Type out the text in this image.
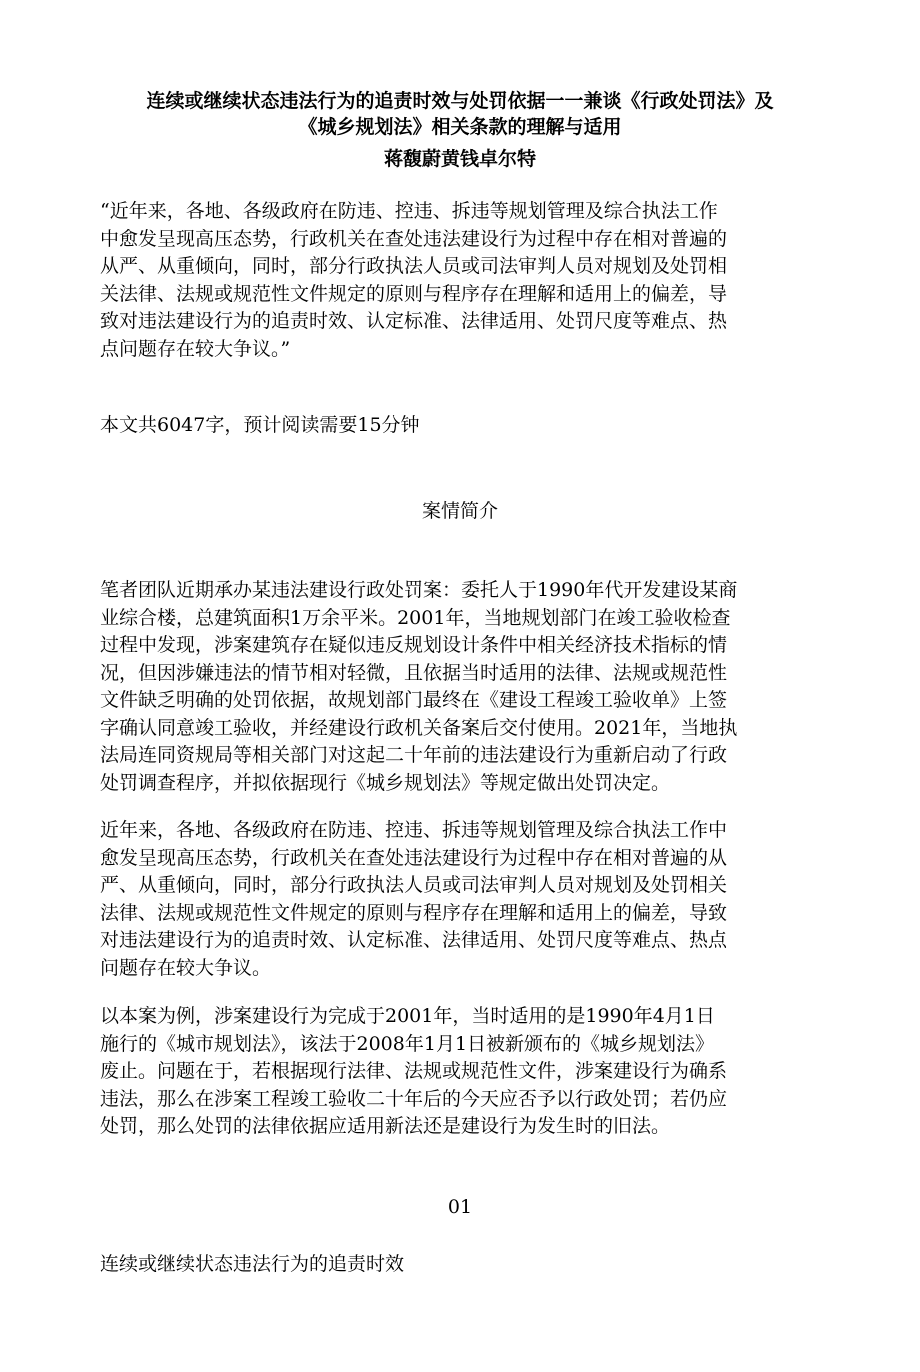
连续或继续状态违法行为的追责时效与处罚依据一一兼谈《行政处罚法》及
《城乡规划法》相关条款的理解与适用
蒋馥蔚黄钱卓尔特
“近年来，各地、各级政府在防违、控违、拆违等规划管理及综合执法工作
中愈发呈现高压态势，行政机关在查处违法建设行为过程中存在相对普遍的
从严、从重倾向，同时，部分行政执法人员或司法审判人员对规划及处罚相
关法律、法规或规范性文件规定的原则与程序存在理解和适用上的偏差，导
致对违法建设行为的追责时效、认定标准、法律适用、处罚尺度等难点、热
点问题存在较大争议。”
本文共6047字，预计阅读需要15分钟
案情简介
笔者团队近期承办某违法建设行政处罚案：委托人于1990年代开发建设某商
业综合楼，总建筑面积1万余平米。2001年，当地规划部门在竣工验收检查
过程中发现，涉案建筑存在疑似违反规划设计条件中相关经济技术指标的情
况，但因涉嫌违法的情节相对轻微，且依据当时适用的法律、法规或规范性
文件缺乏明确的处罚依据，故规划部门最终在《建设工程竣工验收单》上签
字确认同意竣工验收，并经建设行政机关备案后交付使用。2021年，当地执
法局连同资规局等相关部门对这起二十年前的违法建设行为重新启动了行政
处罚调查程序，并拟依据现行《城乡规划法》等规定做出处罚决定。
近年来，各地、各级政府在防违、控违、拆违等规划管理及综合执法工作中
愈发呈现高压态势，行政机关在查处违法建设行为过程中存在相对普遍的从
严、从重倾向，同时，部分行政执法人员或司法审判人员对规划及处罚相关
法律、法规或规范性文件规定的原则与程序存在理解和适用上的偏差，导致
对违法建设行为的追责时效、认定标准、法律适用、处罚尺度等难点、热点
问题存在较大争议。
以本案为例，涉案建设行为完成于2001年，当时适用的是1990年4月1日
施行的《城市规划法》，该法于2008年1月1日被新颁布的《城乡规划法》
废止。问题在于，若根据现行法律、法规或规范性文件，涉案建设行为确系
违法，那么在涉案工程竣工验收二十年后的今天应否予以行政处罚；若仍应
处罚，那么处罚的法律依据应适用新法还是建设行为发生时的旧法。
01
连续或继续状态违法行为的追责时效
